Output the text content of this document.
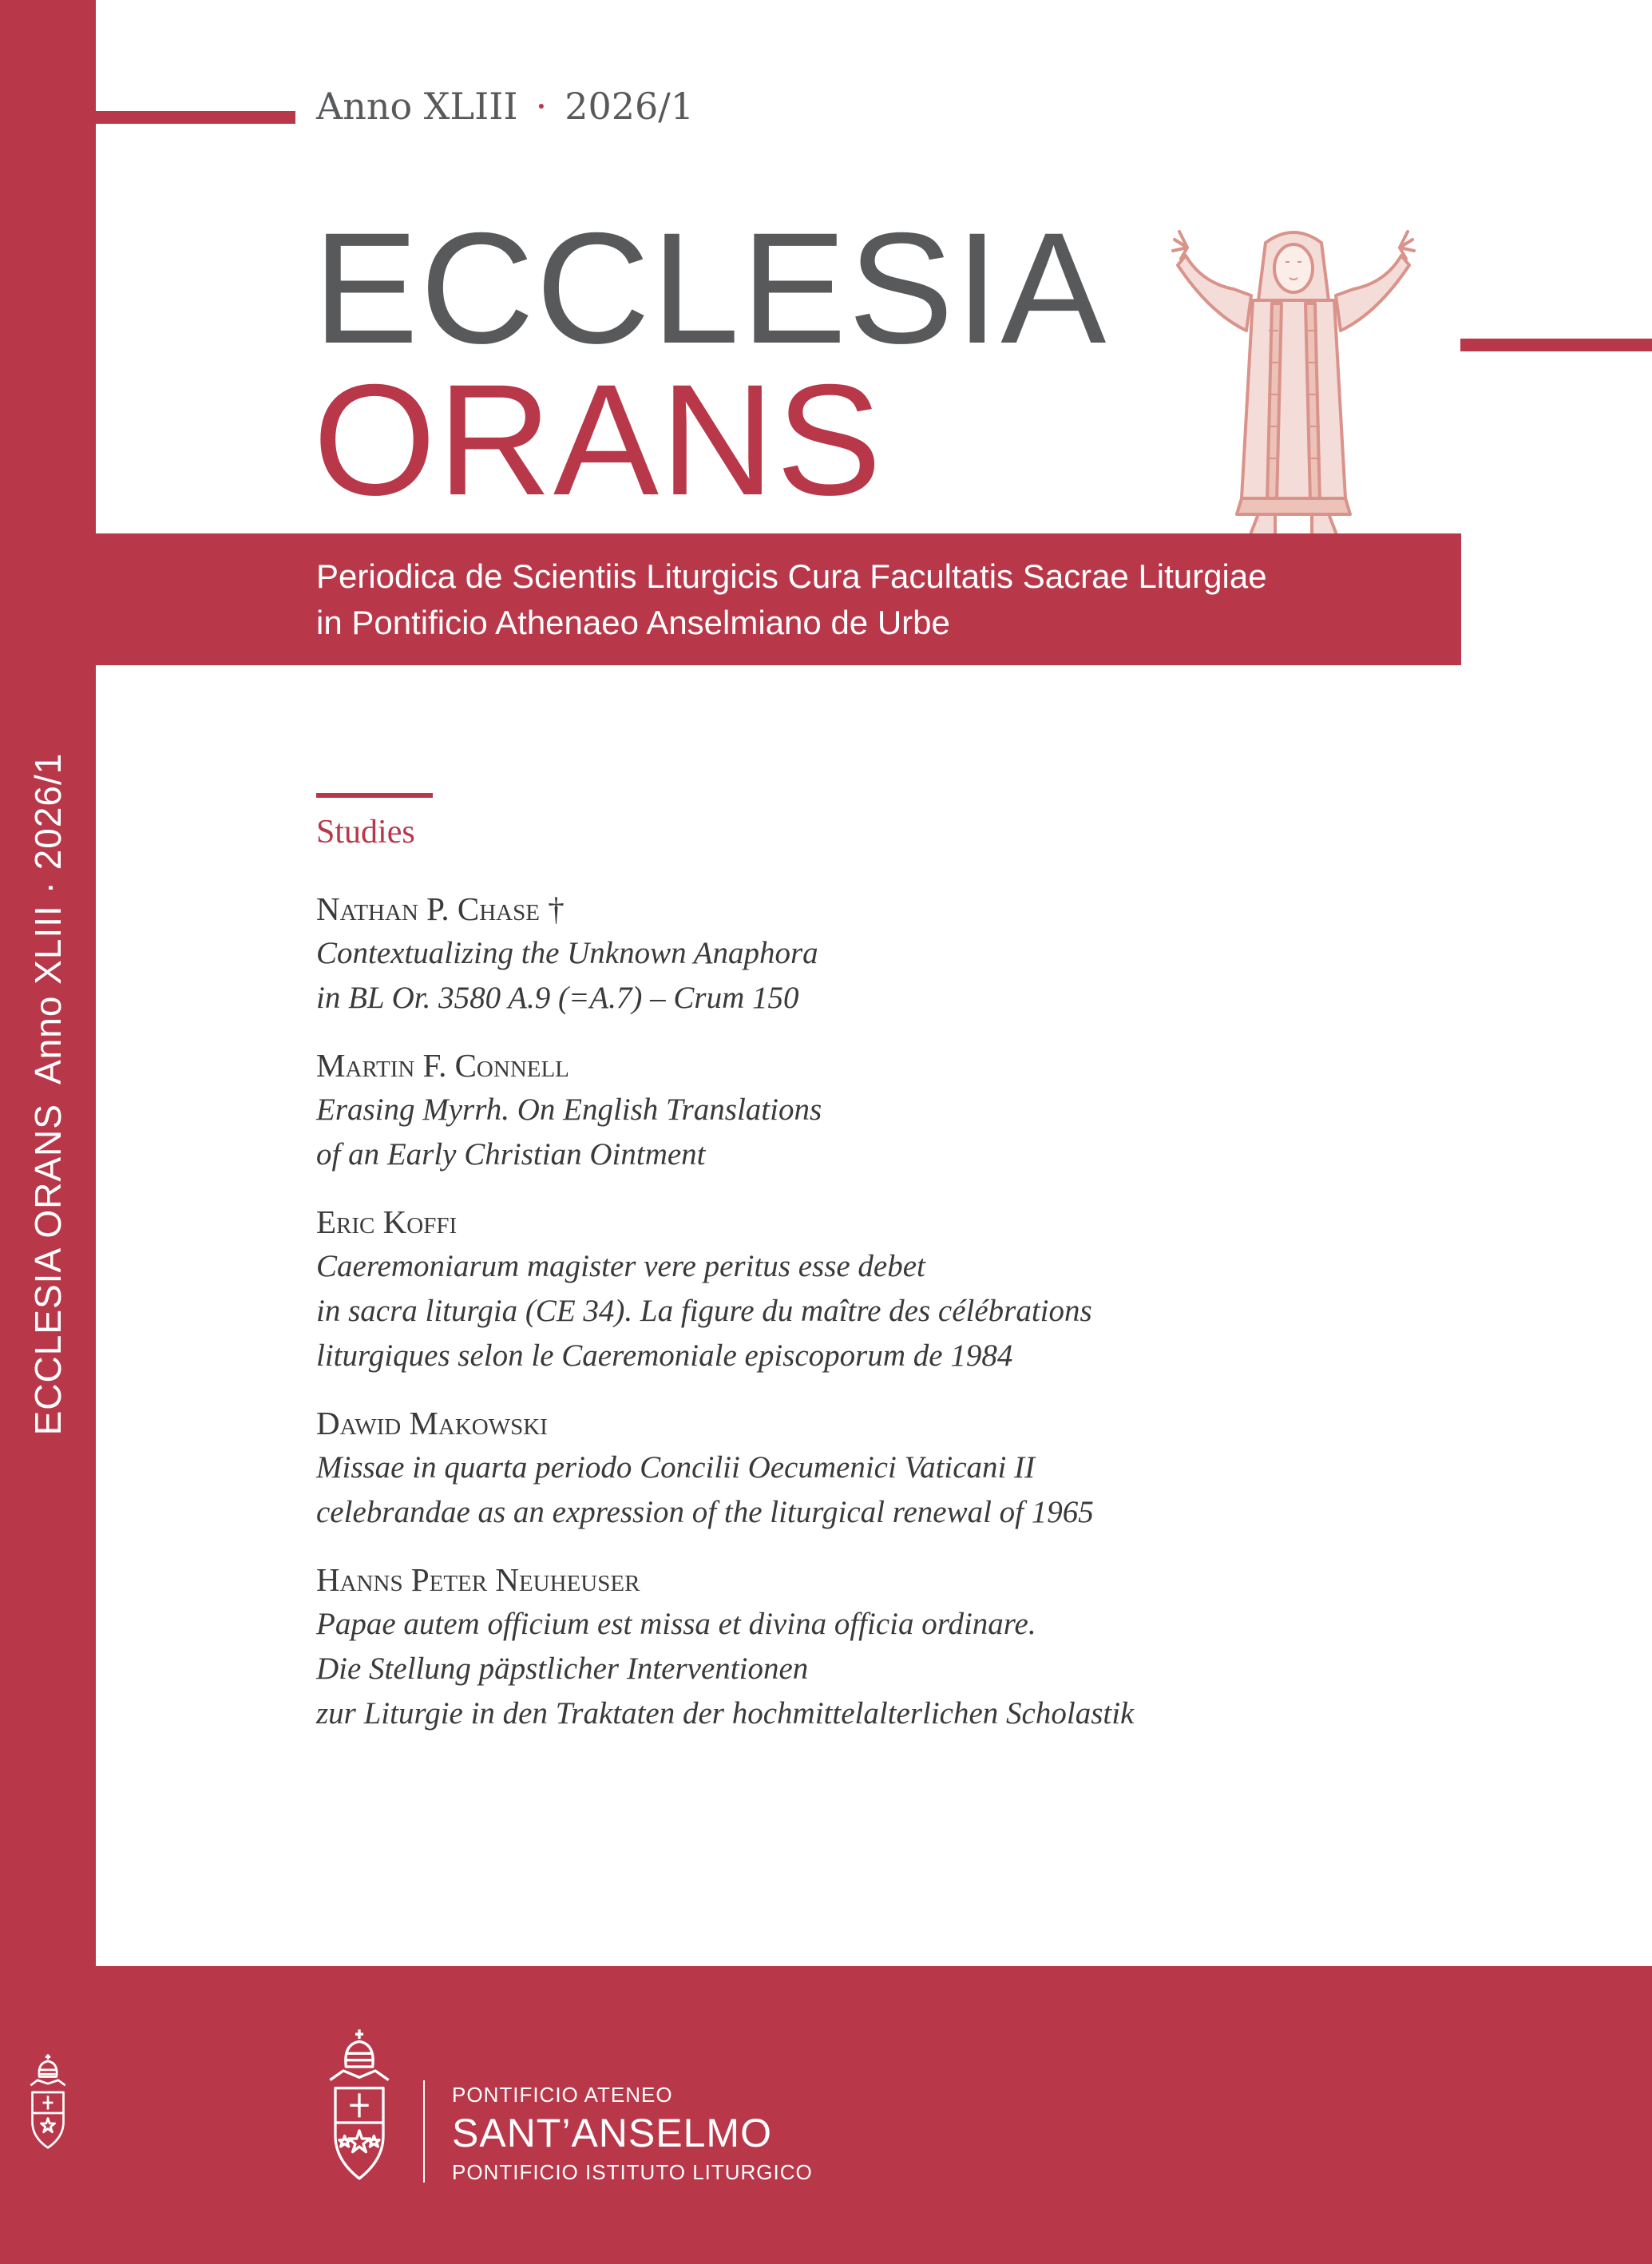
ECCLESIA ORANSAnno XLIII · 2026/1
Anno XLIII · 2026/1
ECCLESIA
ORANS
Periodica de Scientiis Liturgicis Cura Facultatis Sacrae Liturgiae
in Pontificio Athenaeo Anselmiano de Urbe
Studies
Nathan P. Chase †
Contextualizing the Unknown Anaphora
in BL Or. 3580 A.9 (=A.7) – Crum 150
Martin F. Connell
Erasing Myrrh. On English Translations
of an Early Christian Ointment
Eric Koffi
Caeremoniarum magister vere peritus esse debet
in sacra liturgia (CE 34). La figure du maître des célébrations
liturgiques selon le Caeremoniale episcoporum de 1984
Dawid Makowski
Missae in quarta periodo Concilii Oecumenici Vaticani II
celebrandae as an expression of the liturgical renewal of 1965
Hanns Peter Neuheuser
Papae autem officium est missa et divina officia ordinare.
Die Stellung päpstlicher Interventionen
zur Liturgie in den Traktaten der hochmittelalterlichen Scholastik
PONTIFICIO ATENEO
SANT’ANSELMO
PONTIFICIO ISTITUTO LITURGICO
